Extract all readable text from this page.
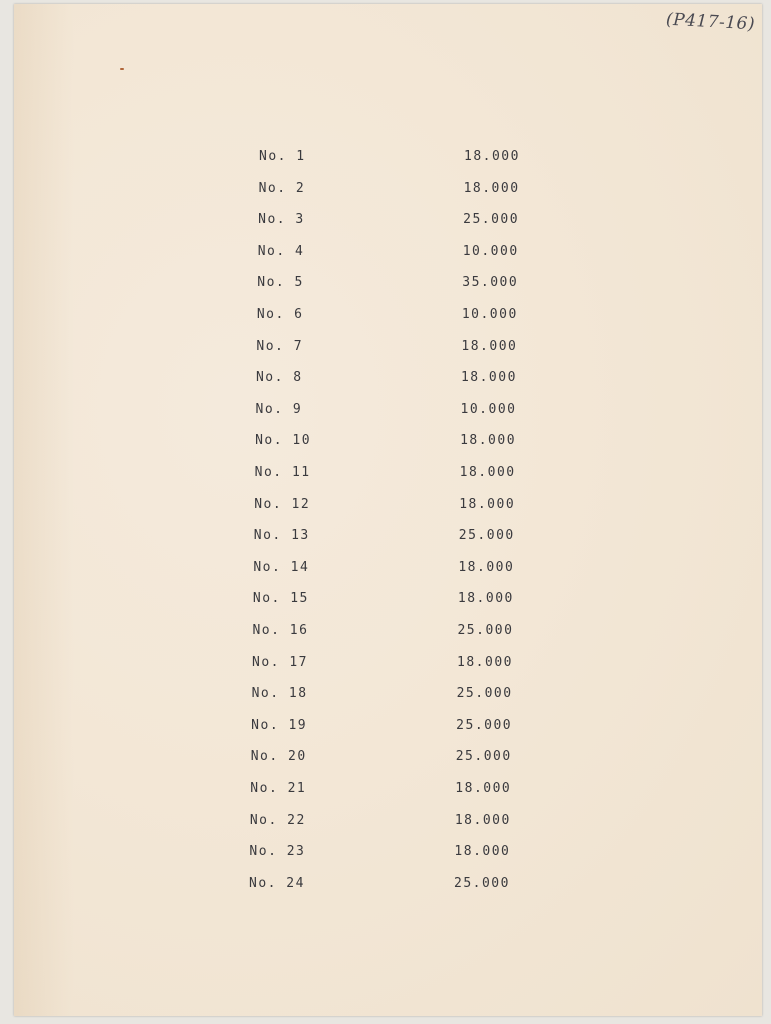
(P417-16)
No. 1	18.000
No. 2	18.000
No. 3	25.000
No. 4	10.000
No. 5	35.000
No. 6	10.000
No. 7	18.000
No. 8	18.000
No. 9	10.000
No. 10	18.000
No. 11	18.000
No. 12	18.000
No. 13	25.000
No. 14	18.000
No. 15	18.000
No. 16	25.000
No. 17	18.000
No. 18	25.000
No. 19	25.000
No. 20	25.000
No. 21	18.000
No. 22	18.000
No. 23	18.000
No. 24	25.000
